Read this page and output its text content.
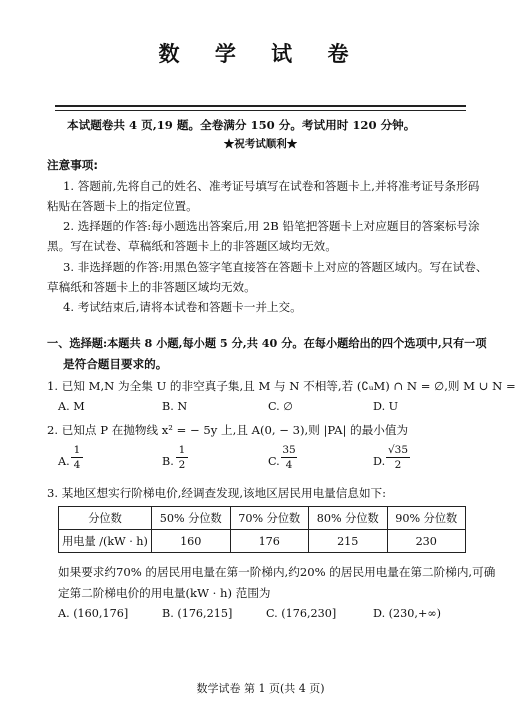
数 学 试 卷
本试题卷共 4 页,19 题。全卷满分 150 分。考试用时 120 分钟。
★祝考试顺利★
注意事项:
1. 答题前,先将自己的姓名、准考证号填写在试卷和答题卡上,并将准考证号条形码
粘贴在答题卡上的指定位置。
2. 选择题的作答:每小题选出答案后,用 2B 铅笔把答题卡上对应题目的答案标号涂
黑。写在试卷、草稿纸和答题卡上的非答题区域均无效。
3. 非选择题的作答:用黑色签字笔直接答在答题卡上对应的答题区域内。写在试卷、
草稿纸和答题卡上的非答题区域均无效。
4. 考试结束后,请将本试卷和答题卡一并上交。
一、选择题:本题共 8 小题,每小题 5 分,共 40 分。在每小题给出的四个选项中,只有一项
是符合题目要求的。
1. 已知 M,N 为全集 U 的非空真子集,且 M 与 N 不相等,若 (∁ᵤM) ∩ N = ∅,则 M ∪ N =
A. M	B. N	C. ∅	D. U
2. 已知点 P 在抛物线 x² = − 5y 上,且 A(0, − 3),则 |PA| 的最小值为
A.
1
4	B.
1
2	C.
35
4	D.
√35
2
3. 某地区想实行阶梯电价,经调查发现,该地区居民用电量信息如下:
分位数	50% 分位数	70% 分位数	80% 分位数	90% 分位数
用电量 /(kW · h)	160	176	215	230
如果要求约70% 的居民用电量在第一阶梯内,约20% 的居民用电量在第二阶梯内,可确
定第二阶梯电价的用电量(kW · h) 范围为
A. (160,176]	B. (176,215]	C. (176,230]	D. (230,+∞)
数学试卷 第 1 页(共 4 页)
